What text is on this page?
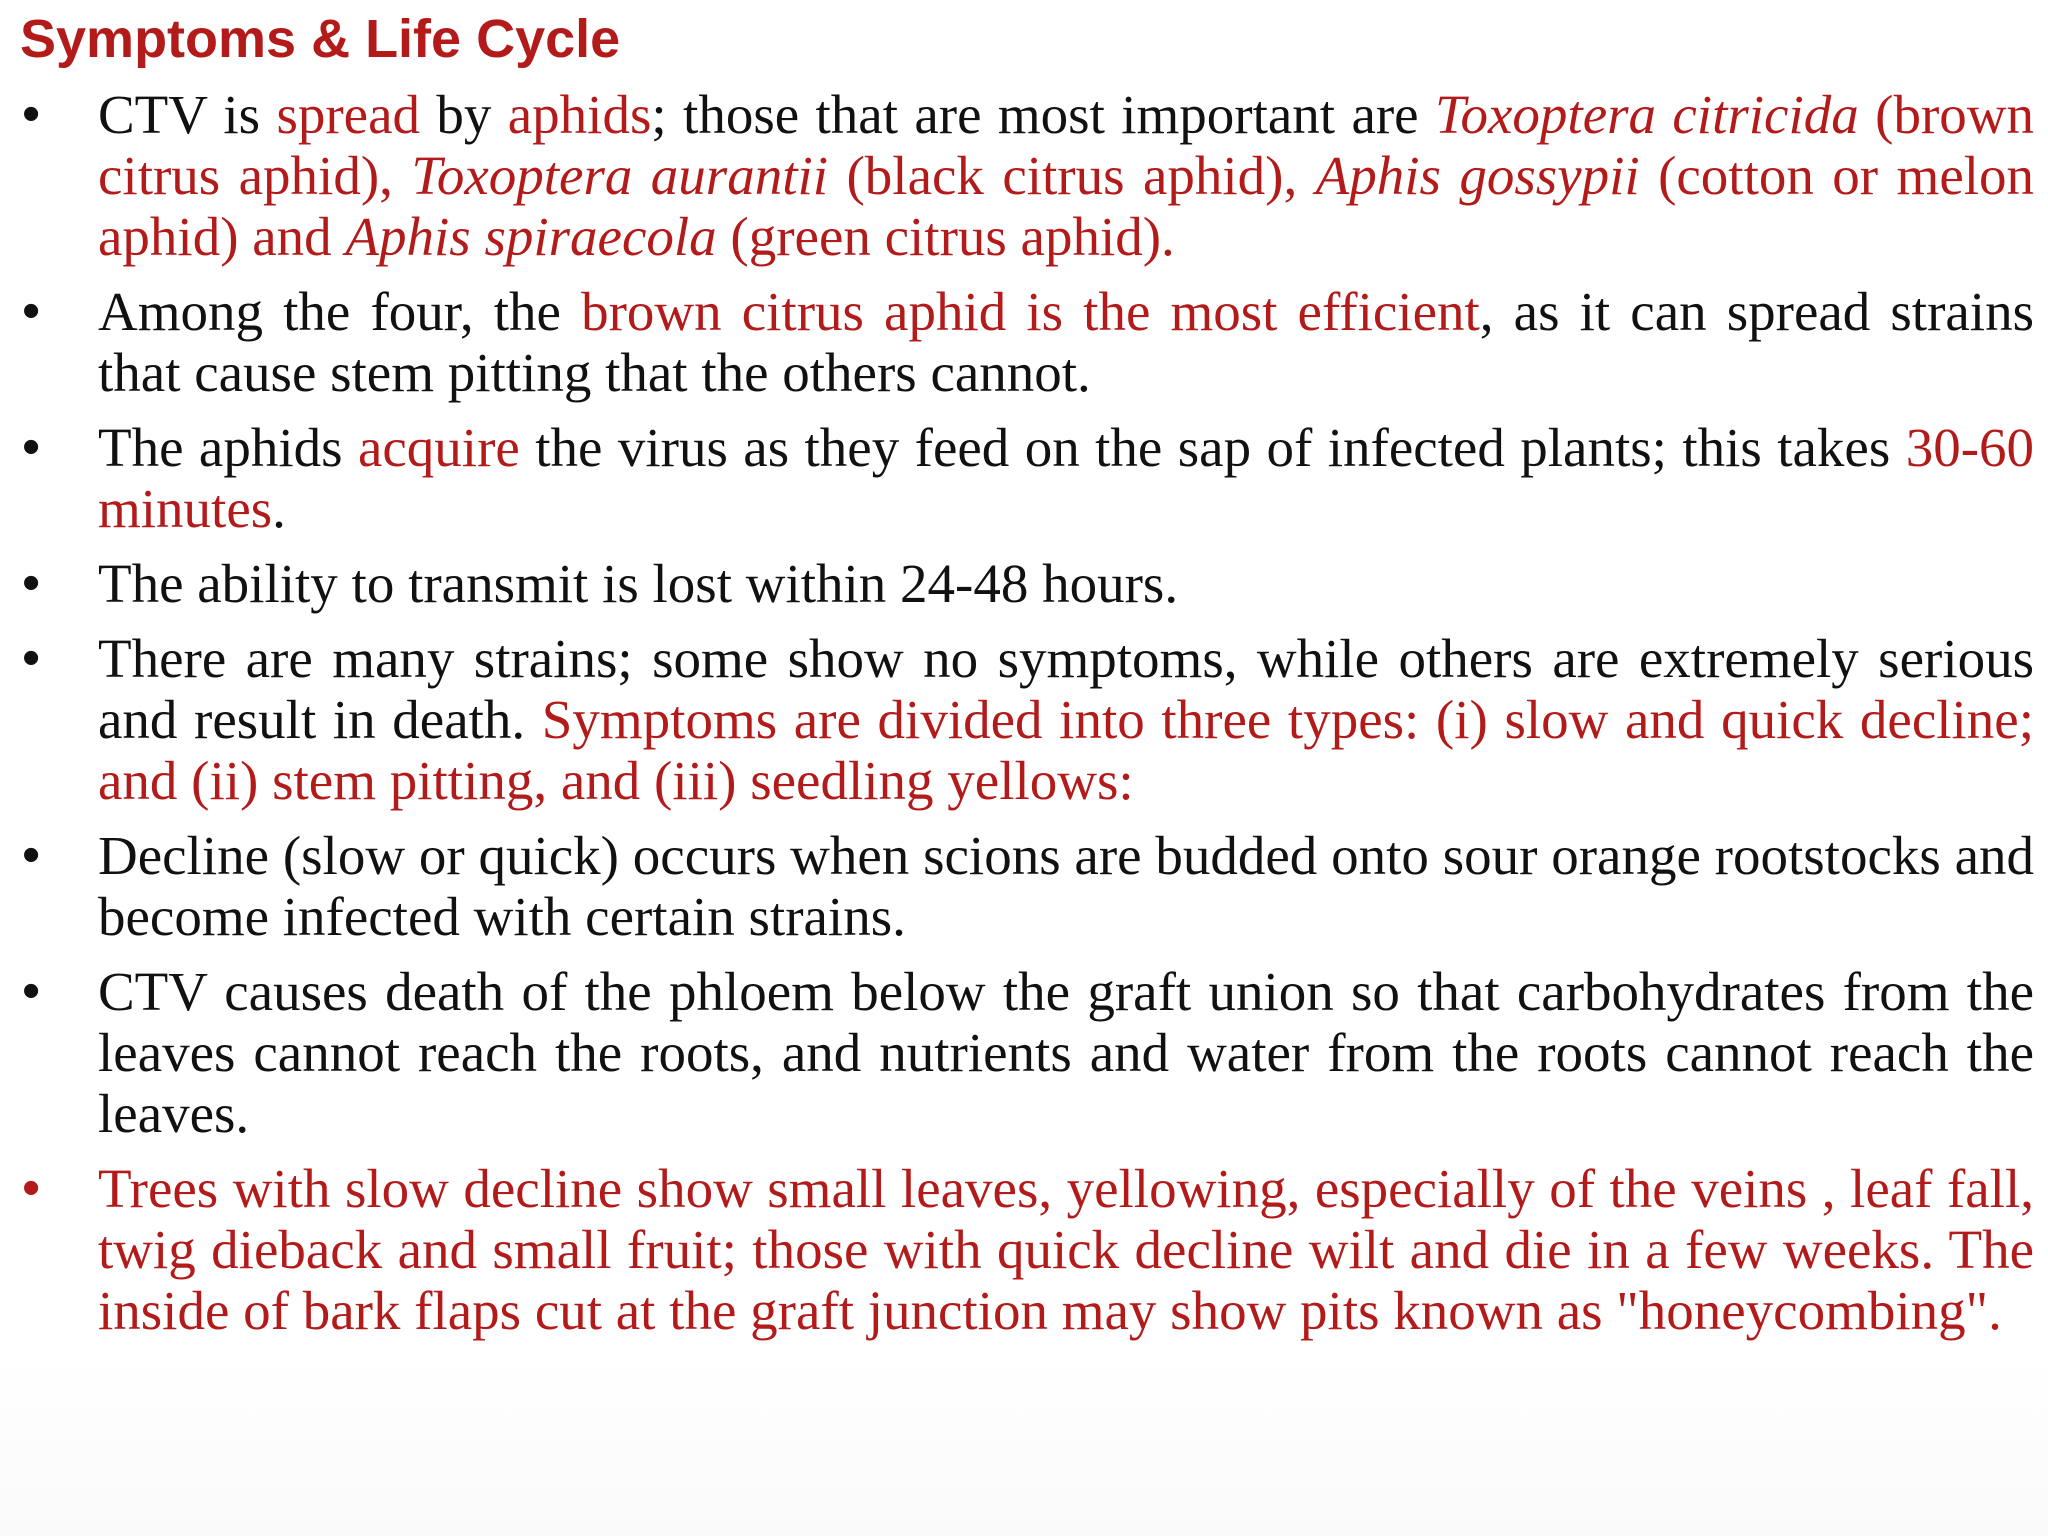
Symptoms & Life Cycle
•	CTV is spread by aphids; those that are most important are Toxoptera citricida (brown citrus aphid), Toxoptera aurantii (black citrus aphid), Aphis gossypii (cotton or melon aphid) and Aphis spiraecola (green citrus aphid).
•	Among the four, the brown citrus aphid is the most efficient, as it can spread strains that cause stem pitting that the others cannot.
•	The aphids acquire the virus as they feed on the sap of infected plants; this takes 30-60 minutes.
•	The ability to transmit is lost within 24-48 hours.
•	There are many strains; some show no symptoms, while others are extremely serious and result in death. Symptoms are divided into three types: (i) slow and quick decline; and (ii) stem pitting, and (iii) seedling yellows:
•	Decline (slow or quick) occurs when scions are budded onto sour orange rootstocks and become infected with certain strains.
•	CTV causes death of the phloem below the graft union so that carbohydrates from the leaves cannot reach the roots, and nutrients and water from the roots cannot reach the leaves.
•	Trees with slow decline show small leaves, yellowing, especially of the veins , leaf fall, twig dieback and small fruit; those with quick decline wilt and die in a few weeks. The inside of bark flaps cut at the graft junction may show pits known as "honeycombing".
